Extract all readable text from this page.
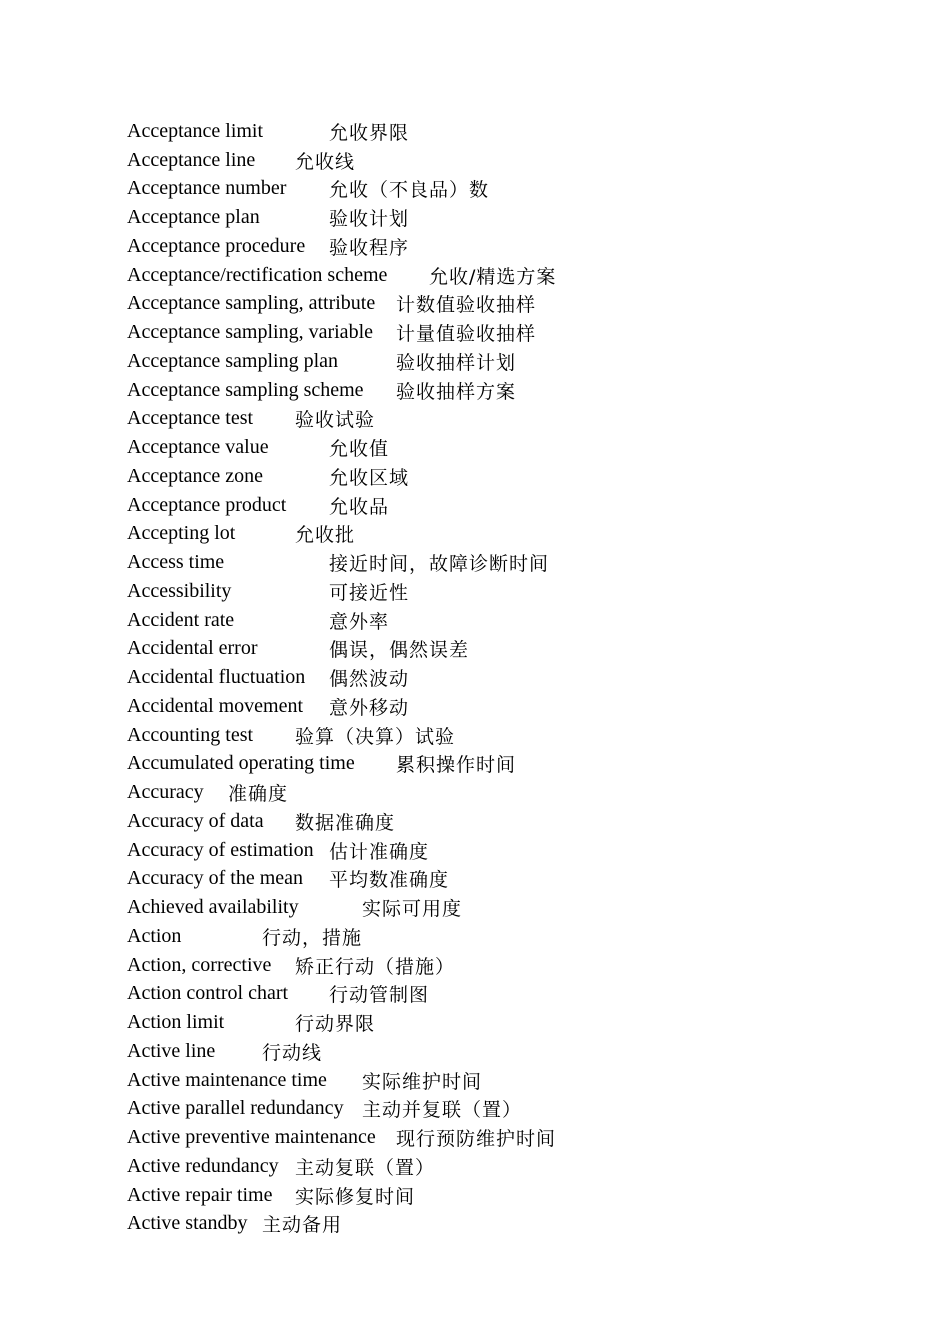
Acceptance limit	允收界限
Acceptance line	允收线
Acceptance number	允收（不良品）数
Acceptance plan	验收计划
Acceptance procedure	验收程序
Acceptance/rectification scheme	允收/精选方案
Acceptance sampling, attribute	计数值验收抽样
Acceptance sampling, variable	计量值验收抽样
Acceptance sampling plan	验收抽样计划
Acceptance sampling scheme	验收抽样方案
Acceptance test	验收试验
Acceptance value	允收值
Acceptance zone	允收区域
Acceptance product	允收品
Accepting lot	允收批
Access time	接近时间，故障诊断时间
Accessibility	可接近性
Accident rate	意外率
Accidental error	偶误，偶然误差
Accidental fluctuation	偶然波动
Accidental movement	意外移动
Accounting test	验算（决算）试验
Accumulated operating time	累积操作时间
Accuracy	准确度
Accuracy of data	数据准确度
Accuracy of estimation 估计准确度
Accuracy of the mean	平均数准确度
Achieved availability	实际可用度
Action	行动，措施
Action, corrective	矫正行动（措施）
Action control chart	行动管制图
Action limit	行动界限
Active line	行动线
Active maintenance time	实际维护时间
Active parallel redundancy 主动并复联（置）
Active preventive maintenance	现行预防维护时间
Active redundancy 主动复联（置）
Active repair time	实际修复时间
Active standby 主动备用
